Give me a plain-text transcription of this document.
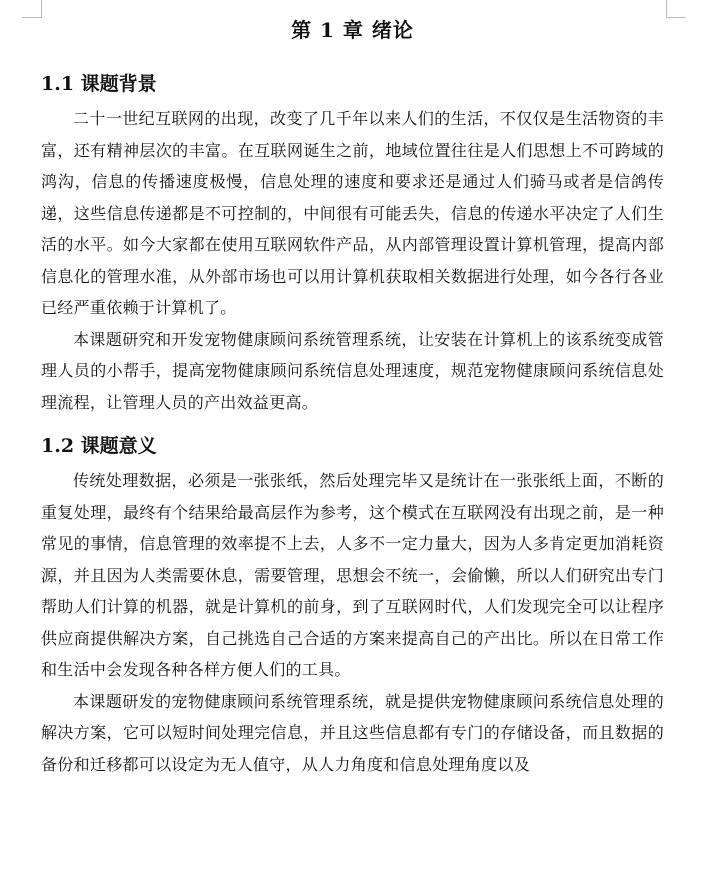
第 1 章 绪论
1.1 课题背景

二十一世纪互联网的出现，改变了几千年以来人们的生活，不仅仅是生活物资的丰富，还有精神层次的丰富。在互联网诞生之前，地域位置往往是人们思想上不可跨域的鸿沟，信息的传播速度极慢，信息处理的速度和要求还是通过人们骑马或者是信鸽传递，这些信息传递都是不可控制的，中间很有可能丢失，信息的传递水平决定了人们生活的水平。如今大家都在使用互联网软件产品，从内部管理设置计算机管理，提高内部信息化的管理水准，从外部市场也可以用计算机获取相关数据进行处理，如今各行各业已经严重依赖于计算机了。

本课题研究和开发宠物健康顾问系统管理系统，让安装在计算机上的该系统变成管理人员的小帮手，提高宠物健康顾问系统信息处理速度，规范宠物健康顾问系统信息处理流程，让管理人员的产出效益更高。

1.2 课题意义

传统处理数据，必须是一张张纸，然后处理完毕又是统计在一张张纸上面，不断的重复处理，最终有个结果给最高层作为参考，这个模式在互联网没有出现之前，是一种常见的事情，信息管理的效率提不上去，人多不一定力量大，因为人多肯定更加消耗资源，并且因为人类需要休息，需要管理，思想会不统一，会偷懒，所以人们研究出专门帮助人们计算的机器，就是计算机的前身，到了互联网时代，人们发现完全可以让程序供应商提供解决方案，自己挑选自己合适的方案来提高自己的产出比。所以在日常工作和生活中会发现各种各样方便人们的工具。

本课题研发的宠物健康顾问系统管理系统，就是提供宠物健康顾问系统信息处理的解决方案，它可以短时间处理完信息，并且这些信息都有专门的存储设备，而且数据的备份和迁移都可以设定为无人值守，从人力角度和信息处理角度以及
